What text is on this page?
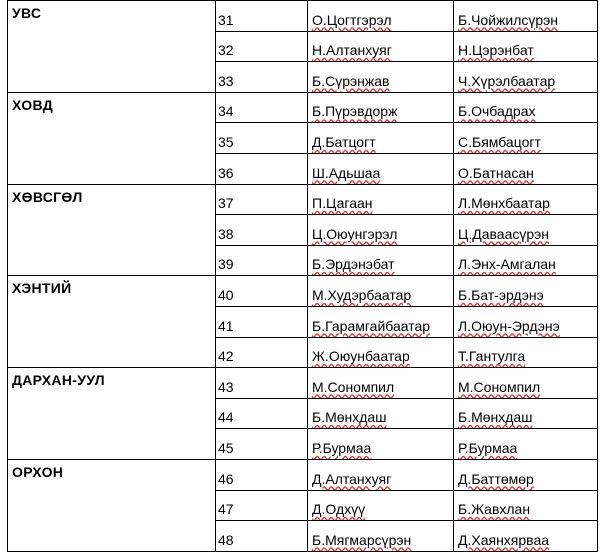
УВС	31	О.Цогтгэрэл	Б.Чойжилсүрэн
	32	Н.Алтанхуяг	Н.Цэрэнбат
	33	Б.Сүрэнжав	Ч.Хүрэлбаатар
ХОВД	34	Б.Пүрэвдорж	Б.Очбадрах
	35	Д.Батцогт	С.Бямбацогт
	36	Ш.Адьшаа	О.Батнасан
ХӨВСГӨЛ	37	П.Цагаан	Л.Мөнхбаатар
	38	Ц.Оюунгэрэл	Ц.Даваасүрэн
	39	Б.Эрдэнэбат	Л.Энх-Амгалан
ХЭНТИЙ	40	М.Худэрбаатар	Б.Бат-эрдэнэ
	41	Б.Гарамгайбаатар	Л.Оюун-Эрдэнэ
	42	Ж.Оюунбаатар	Т.Гантулга
ДАРХАН-УУЛ	43	М.Сономпил	М.Сономпил
	44	Б.Мөнхдаш	Б.Мөнхдаш
	45	Р.Бурмаа	Р.Бурмаа
ОРХОН	46	Д.Алтанхуяг	Д.Баттөмөр
	47	Д.Одхүү	Б.Жавхлан
	48	Б.Мягмарсүрэн	Д.Хаянхярваа
